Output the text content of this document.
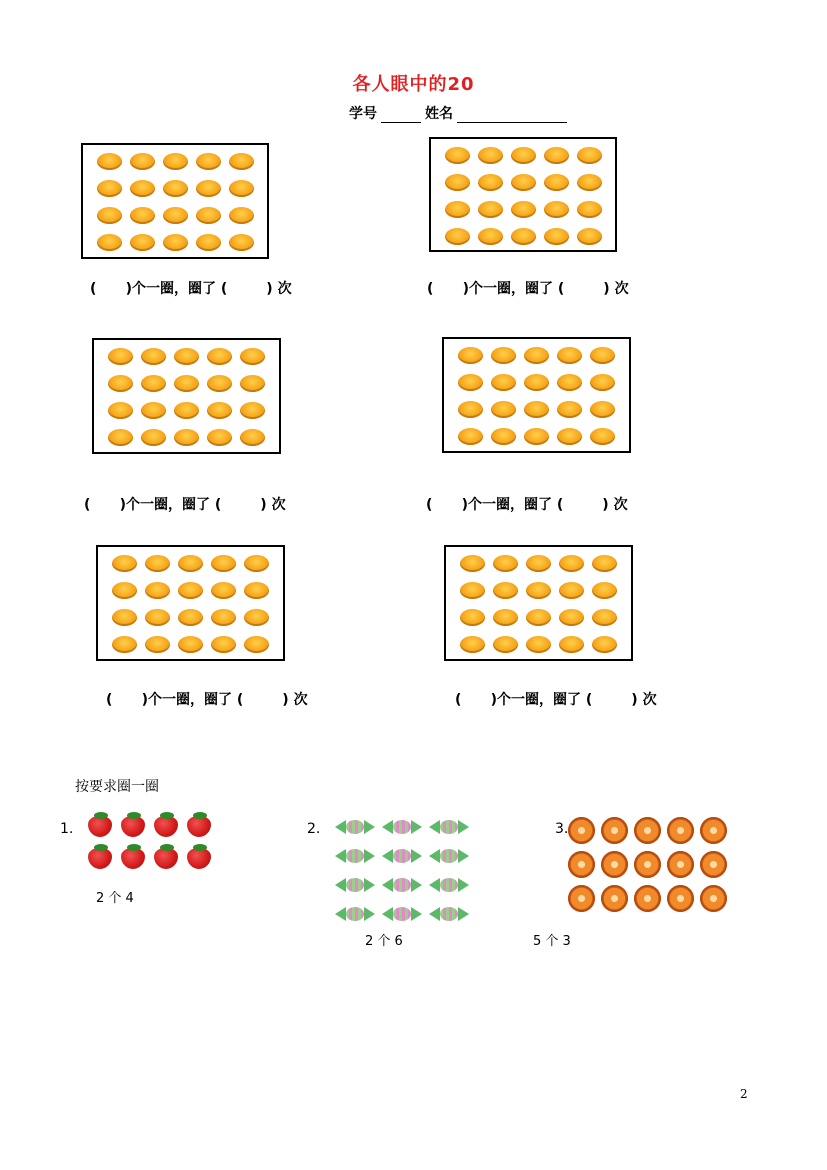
各人眼中的20
学号	姓名
(      )个一圈，圈了 (        ) 次	(      )个一圈，圈了 (        ) 次
(      )个一圈，圈了 (        ) 次	(      )个一圈，圈了 (        ) 次
(      )个一圈，圈了 (        ) 次	(      )个一圈，圈了 (        ) 次
按要求圈一圈
1.
2 个 4
2.
2 个 6
3.
5 个 3
2
